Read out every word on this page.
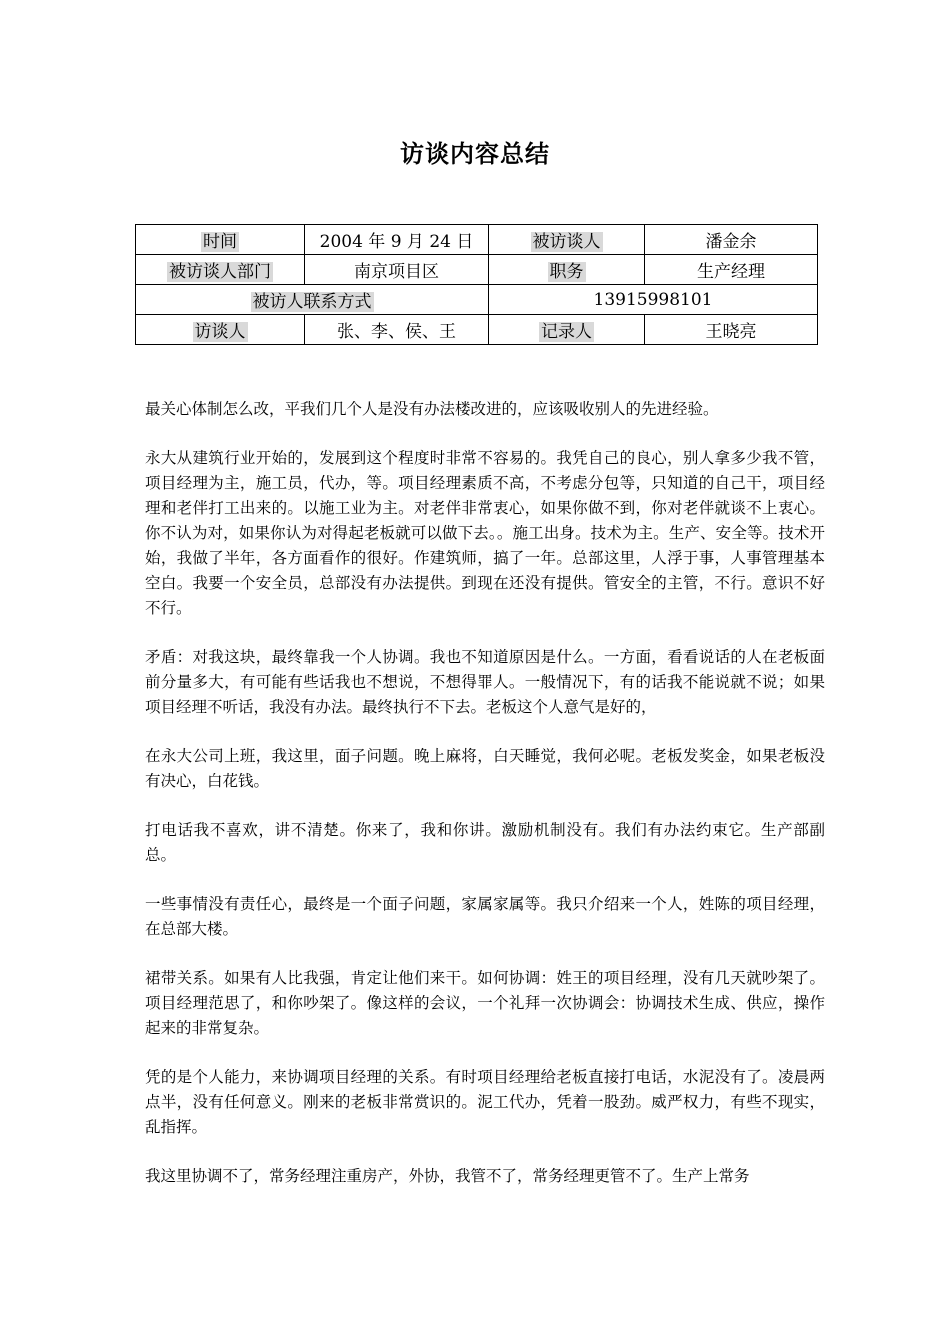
访谈内容总结
时间	2004 年 9 月 24 日	被访谈人	潘金余
被访谈人部门	南京项目区	职务	生产经理
被访人联系方式		13915998101	
访谈人	张、李、侯、王	记录人	王晓亮

最关心体制怎么改，平我们几个人是没有办法楼改进的，应该吸收别人的先进经验。

永大从建筑行业开始的，发展到这个程度时非常不容易的。我凭自己的良心，别人拿多少我不管，项目经理为主，施工员，代办，等。项目经理素质不高，不考虑分包等，只知道的自己干，项目经理和老伴打工出来的。以施工业为主。对老伴非常衷心，如果你做不到，你对老伴就谈不上衷心。你不认为对，如果你认为对得起老板就可以做下去。。施工出身。技术为主。生产、安全等。技术开始，我做了半年，各方面看作的很好。作建筑师，搞了一年。总部这里，人浮于事，人事管理基本空白。我要一个安全员，总部没有办法提供。到现在还没有提供。管安全的主管，不行。意识不好不行。

矛盾：对我这块，最终靠我一个人协调。我也不知道原因是什么。一方面，看看说话的人在老板面前分量多大，有可能有些话我也不想说，不想得罪人。一般情况下，有的话我不能说就不说；如果项目经理不听话，我没有办法。最终执行不下去。老板这个人意气是好的，

在永大公司上班，我这里，面子问题。晚上麻将，白天睡觉，我何必呢。老板发奖金，如果老板没有决心，白花钱。

打电话我不喜欢，讲不清楚。你来了，我和你讲。激励机制没有。我们有办法约束它。生产部副总。

一些事情没有责任心，最终是一个面子问题，家属家属等。我只介绍来一个人，姓陈的项目经理，在总部大楼。

裙带关系。如果有人比我强，肯定让他们来干。如何协调：姓王的项目经理，没有几天就吵架了。项目经理范思了，和你吵架了。像这样的会议，一个礼拜一次协调会：协调技术生成、供应，操作起来的非常复杂。

凭的是个人能力，来协调项目经理的关系。有时项目经理给老板直接打电话，水泥没有了。凌晨两点半，没有任何意义。刚来的老板非常赏识的。泥工代办，凭着一股劲。威严权力，有些不现实，乱指挥。

我这里协调不了，常务经理注重房产，外协，我管不了，常务经理更管不了。生产上常务
